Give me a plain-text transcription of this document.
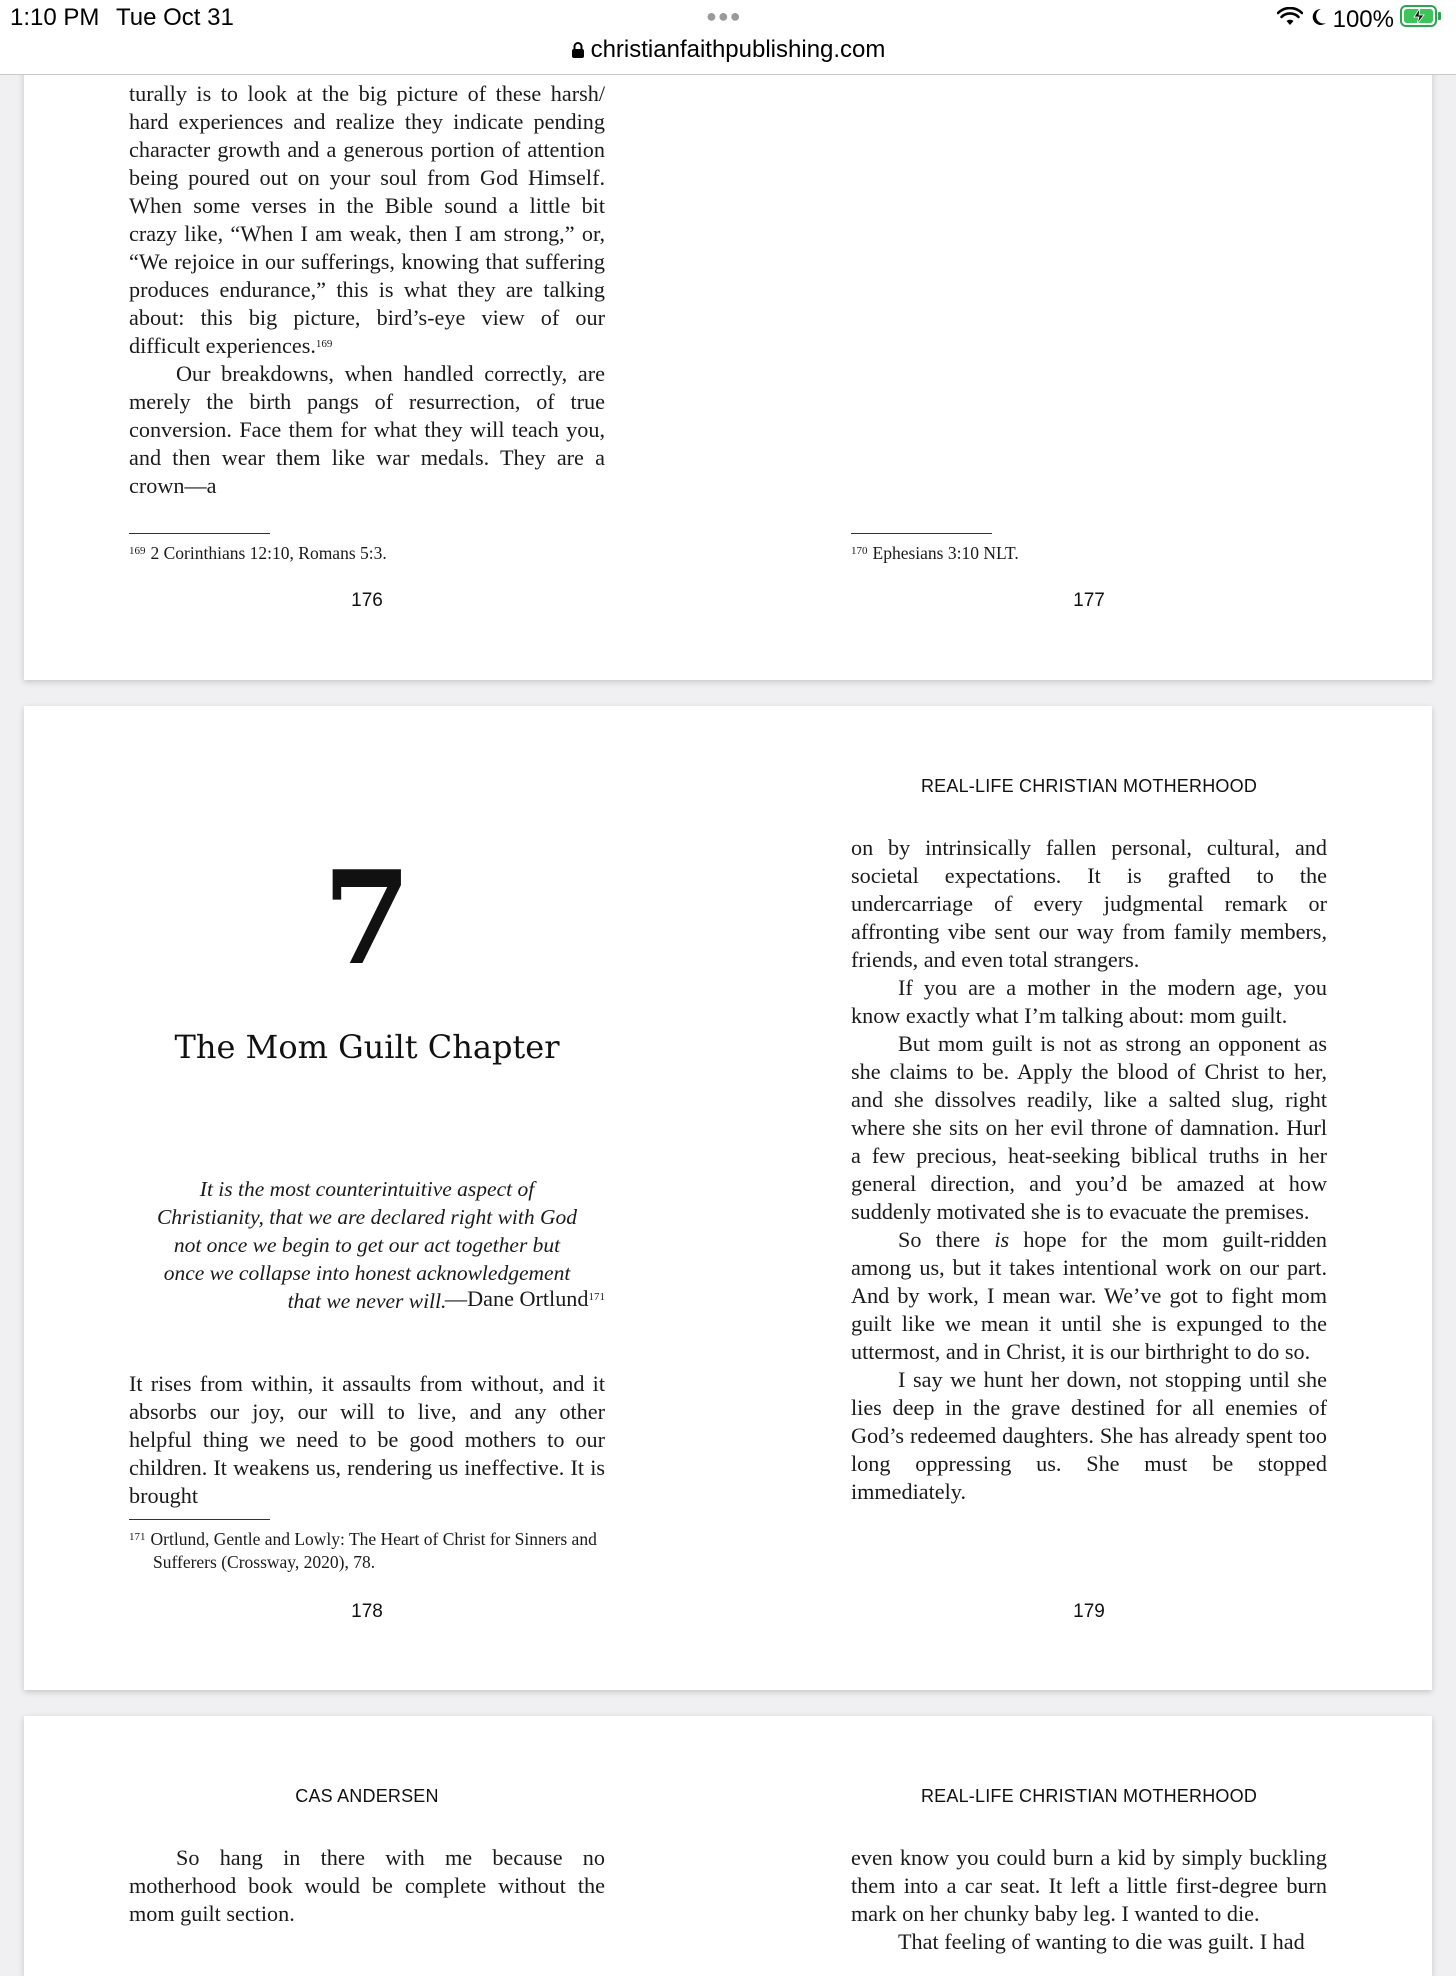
1:10 PM Tue Oct 31	●●●
christianfaithpublishing.com
100%

turally is to look at the big picture of these harsh/ hard experiences and realize they indicate pending character growth and a generous portion of attention being poured out on your soul from God Himself. When some verses in the Bible sound a little bit crazy like, “When I am weak, then I am strong,” or, “We rejoice in our sufferings, knowing that suffering produces endurance,” this is what they are talking about: this big picture, bird’s-eye view of our difficult experiences.$^{169}$

Our breakdowns, when handled correctly, are merely the birth pangs of resurrection, of true conversion. Face them for what they will teach you, and then wear them like war medals. They are a crown—a

$^{169}$ 2 Corinthians 12:10, Romans 5:3.
176
$^{170}$ Ephesians 3:10 NLT.
177
7
The Mom Guilt Chapter

It is the most counterintuitive aspect of Christianity, that we are declared right with God not once we begin to get our act together but once we collapse into honest acknowledgement that we never will.

—Dane Ortlund$^{171}$

It rises from within, it assaults from without, and it absorbs our joy, our will to live, and any other helpful thing we need to be good mothers to our children. It weakens us, rendering us ineffective. It is brought

$^{171}$ Ortlund, Gentle and Lowly: The Heart of Christ for Sinners and Sufferers (Crossway, 2020), 78.
178
REAL-LIFE CHRISTIAN MOTHERHOOD

on by intrinsically fallen personal, cultural, and societal expectations. It is grafted to the undercarriage of every judgmental remark or affronting vibe sent our way from family members, friends, and even total strangers.

If you are a mother in the modern age, you know exactly what I’m talking about: mom guilt.

But mom guilt is not as strong an opponent as she claims to be. Apply the blood of Christ to her, and she dissolves readily, like a salted slug, right where she sits on her evil throne of damnation. Hurl a few precious, heat-seeking biblical truths in her general direction, and you’d be amazed at how suddenly motivated she is to evacuate the premises.

So there is hope for the mom guilt-ridden among us, but it takes intentional work on our part. And by work, I mean war. We’ve got to fight mom guilt like we mean it until she is expunged to the uttermost, and in Christ, it is our birthright to do so.

I say we hunt her down, not stopping until she lies deep in the grave destined for all enemies of God’s redeemed daughters. She has already spent too long oppressing us. She must be stopped immediately.

179
CAS ANDERSEN

So hang in there with me because no motherhood book would be complete without the mom guilt section.

REAL-LIFE CHRISTIAN MOTHERHOOD

even know you could burn a kid by simply buckling them into a car seat. It left a little first-degree burn mark on her chunky baby leg. I wanted to die.

That feeling of wanting to die was guilt. I had
